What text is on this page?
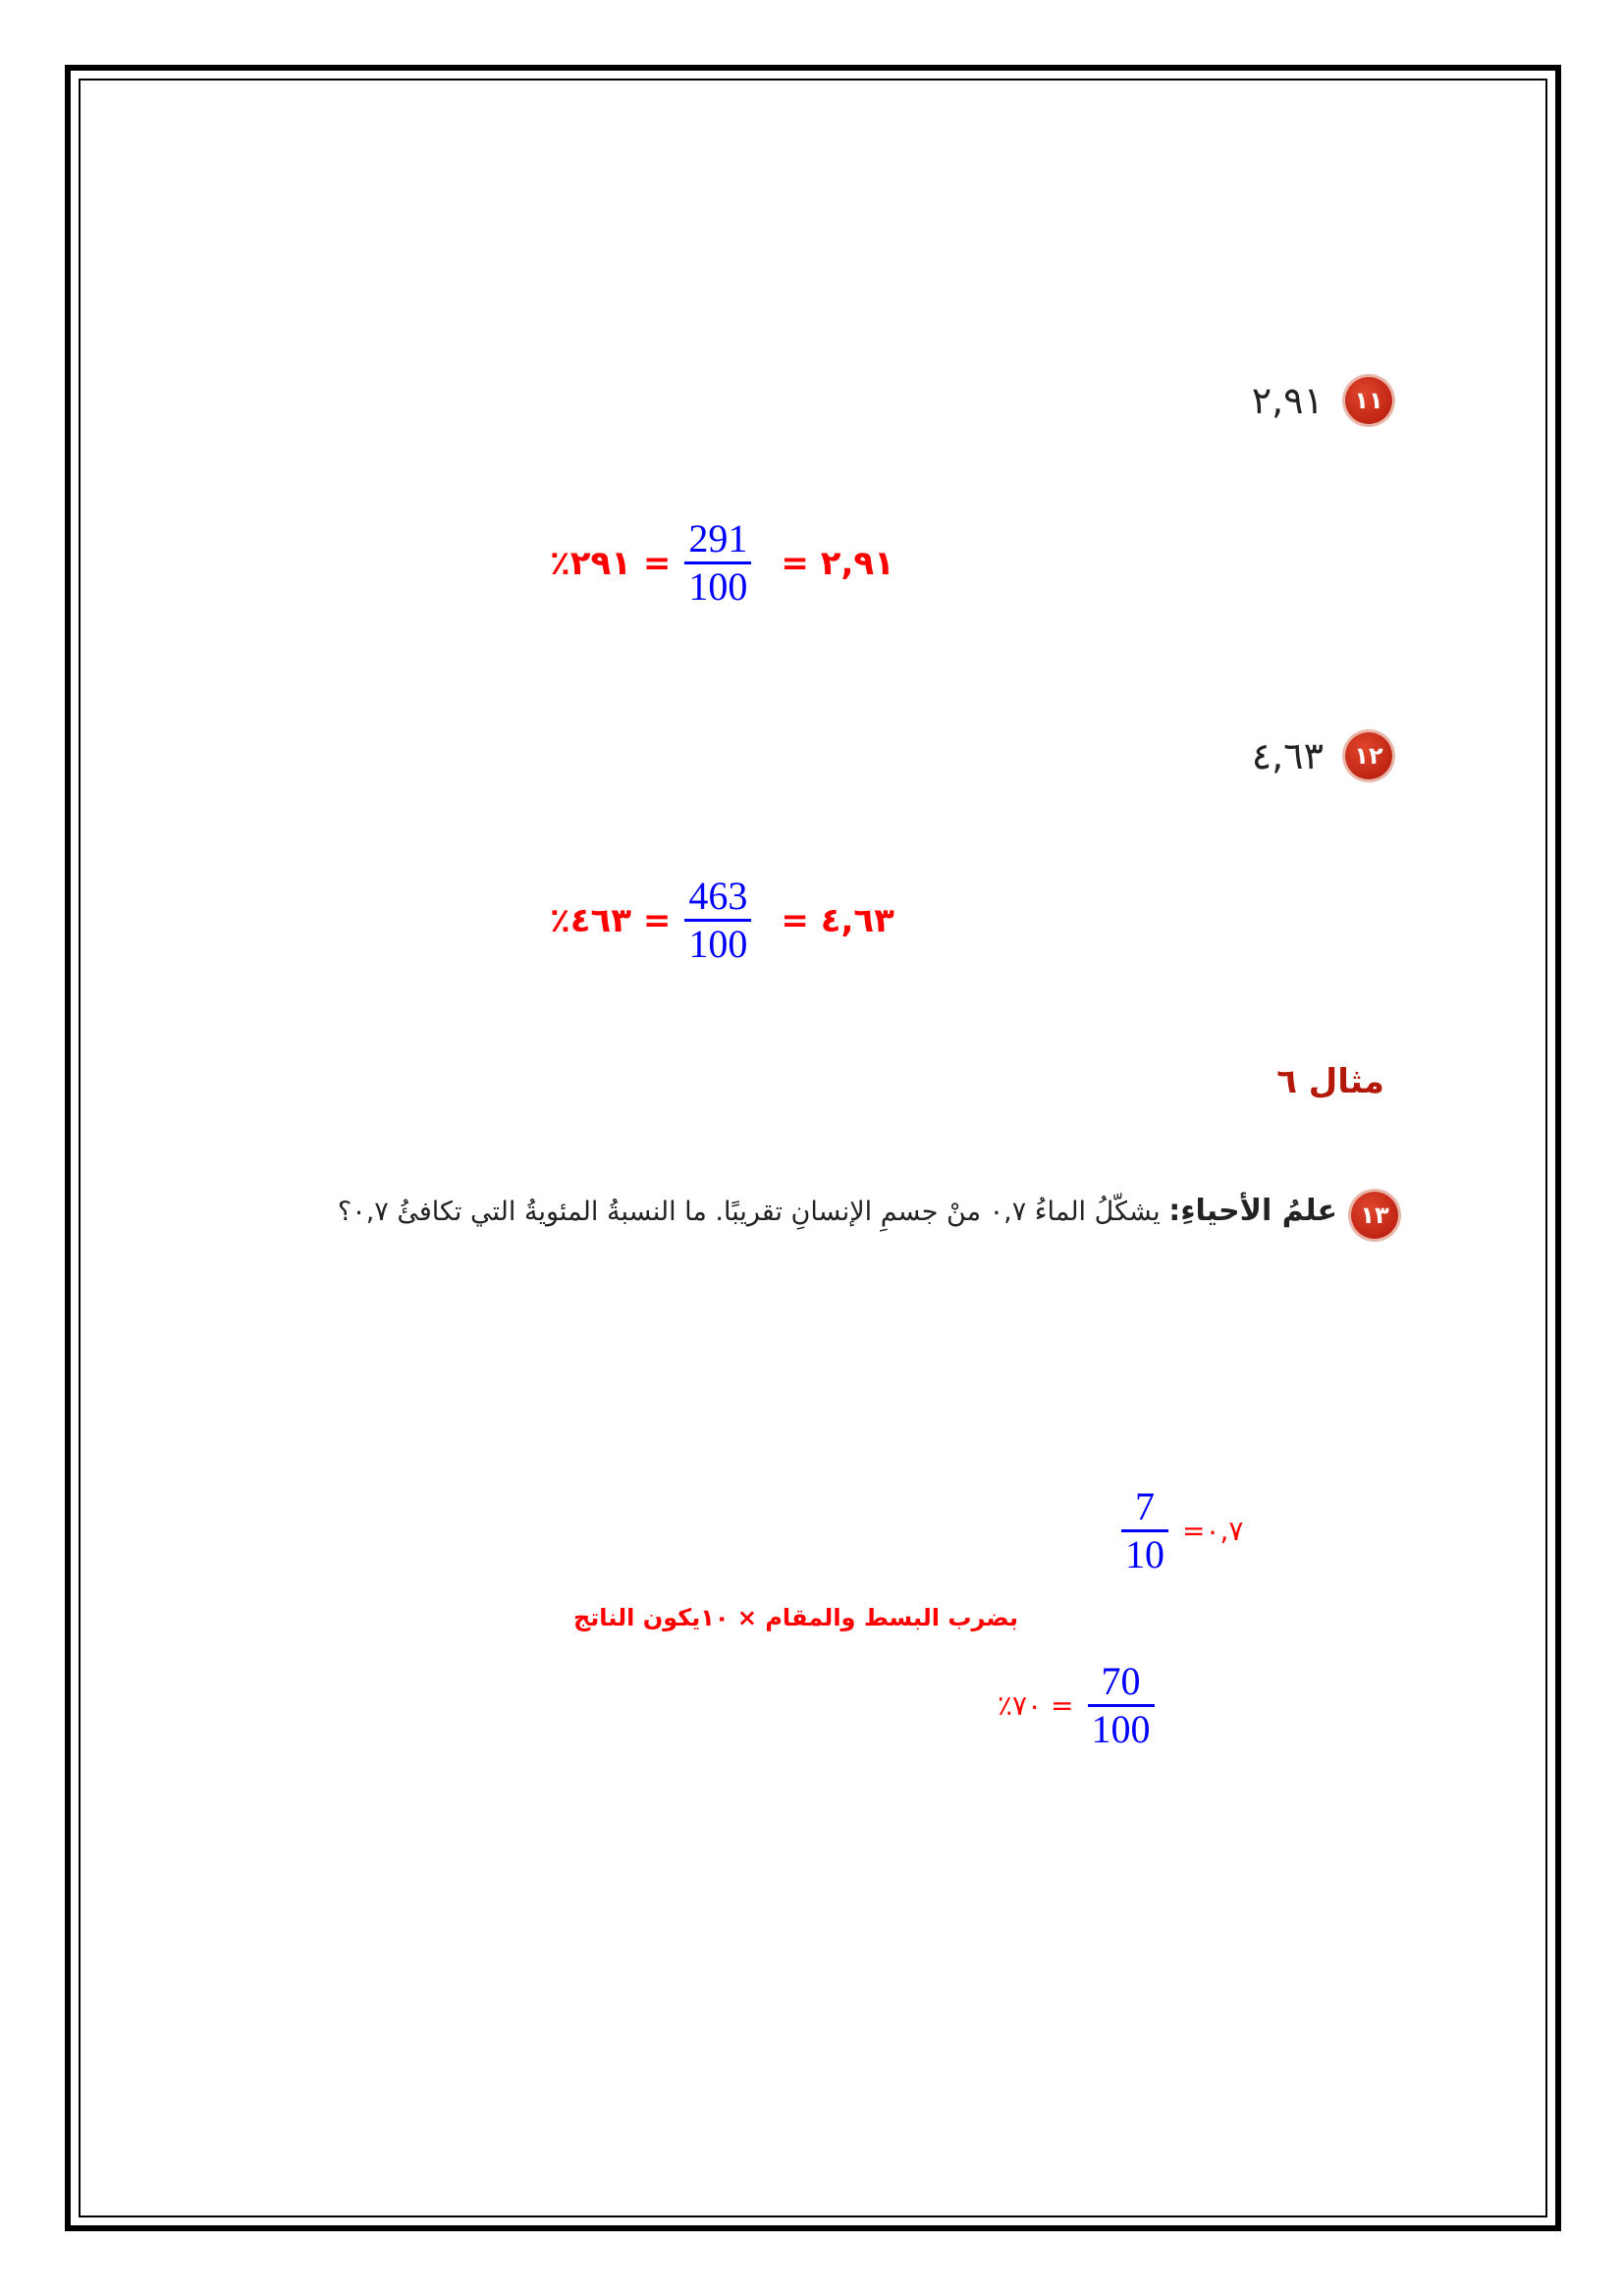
١١
٢,٩١
٪٢٩١ = $\frac{291}{100}$ = ٢,٩١
١٢
٤,٦٣
٪٤٦٣ = $\frac{463}{100}$ = ٤,٦٣
مثال ٦
١٣
علمُ الأحياءِ: يشكّلُ الماءُ ٠,٧ منْ جسمِ الإنسانِ تقريبًا. ما النسبةُ المئويةُ التي تكافئُ ٠,٧؟
$\frac{7}{10}$ =٠,٧
بضرب البسط والمقام × ١٠يكون الناتج
٪٧٠ = $\frac{70}{100}$
